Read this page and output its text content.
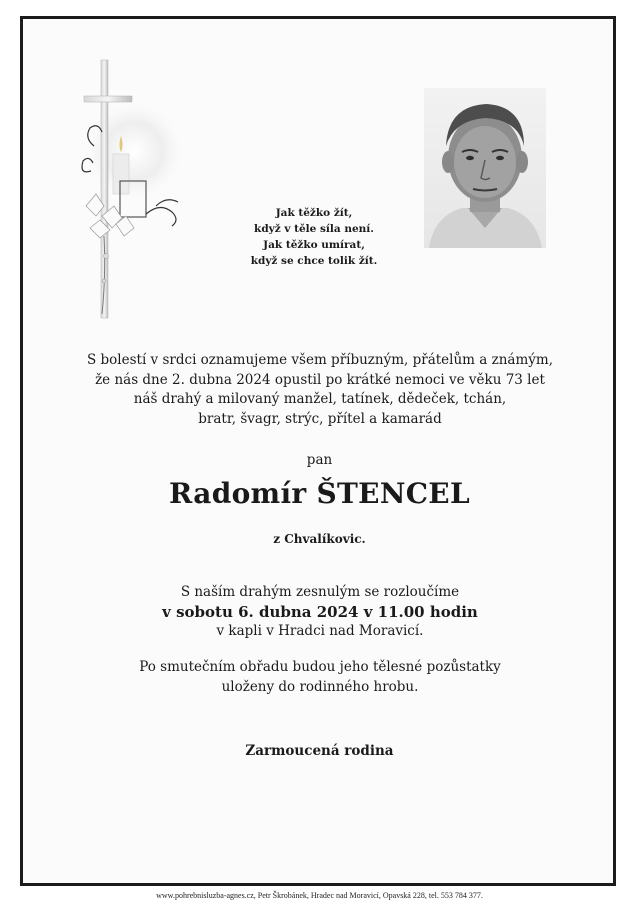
Jak těžko žít,
když v těle síla není.
Jak těžko umírat,
když se chce tolik žít.
S bolestí v srdci oznamujeme všem příbuzným, přátelům a známým,
že nás dne 2. dubna 2024 opustil po krátké nemoci ve věku 73 let
náš drahý a milovaný manžel, tatínek, dědeček, tchán,
bratr, švagr, strýc, přítel a kamarád
pan
Radomír ŠTENCEL
z Chvalíkovic.
S naším drahým zesnulým se rozloučíme
v sobotu 6. dubna 2024 v 11.00 hodin
v kapli v Hradci nad Moravicí.
Po smutečním obřadu budou jeho tělesné pozůstatky
uloženy do rodinného hrobu.
Zarmoucená rodina
www.pohrebnisluzba-agnes.cz, Petr Škrobánek, Hradec nad Moravicí, Opavská 228, tel. 553 784 377.
